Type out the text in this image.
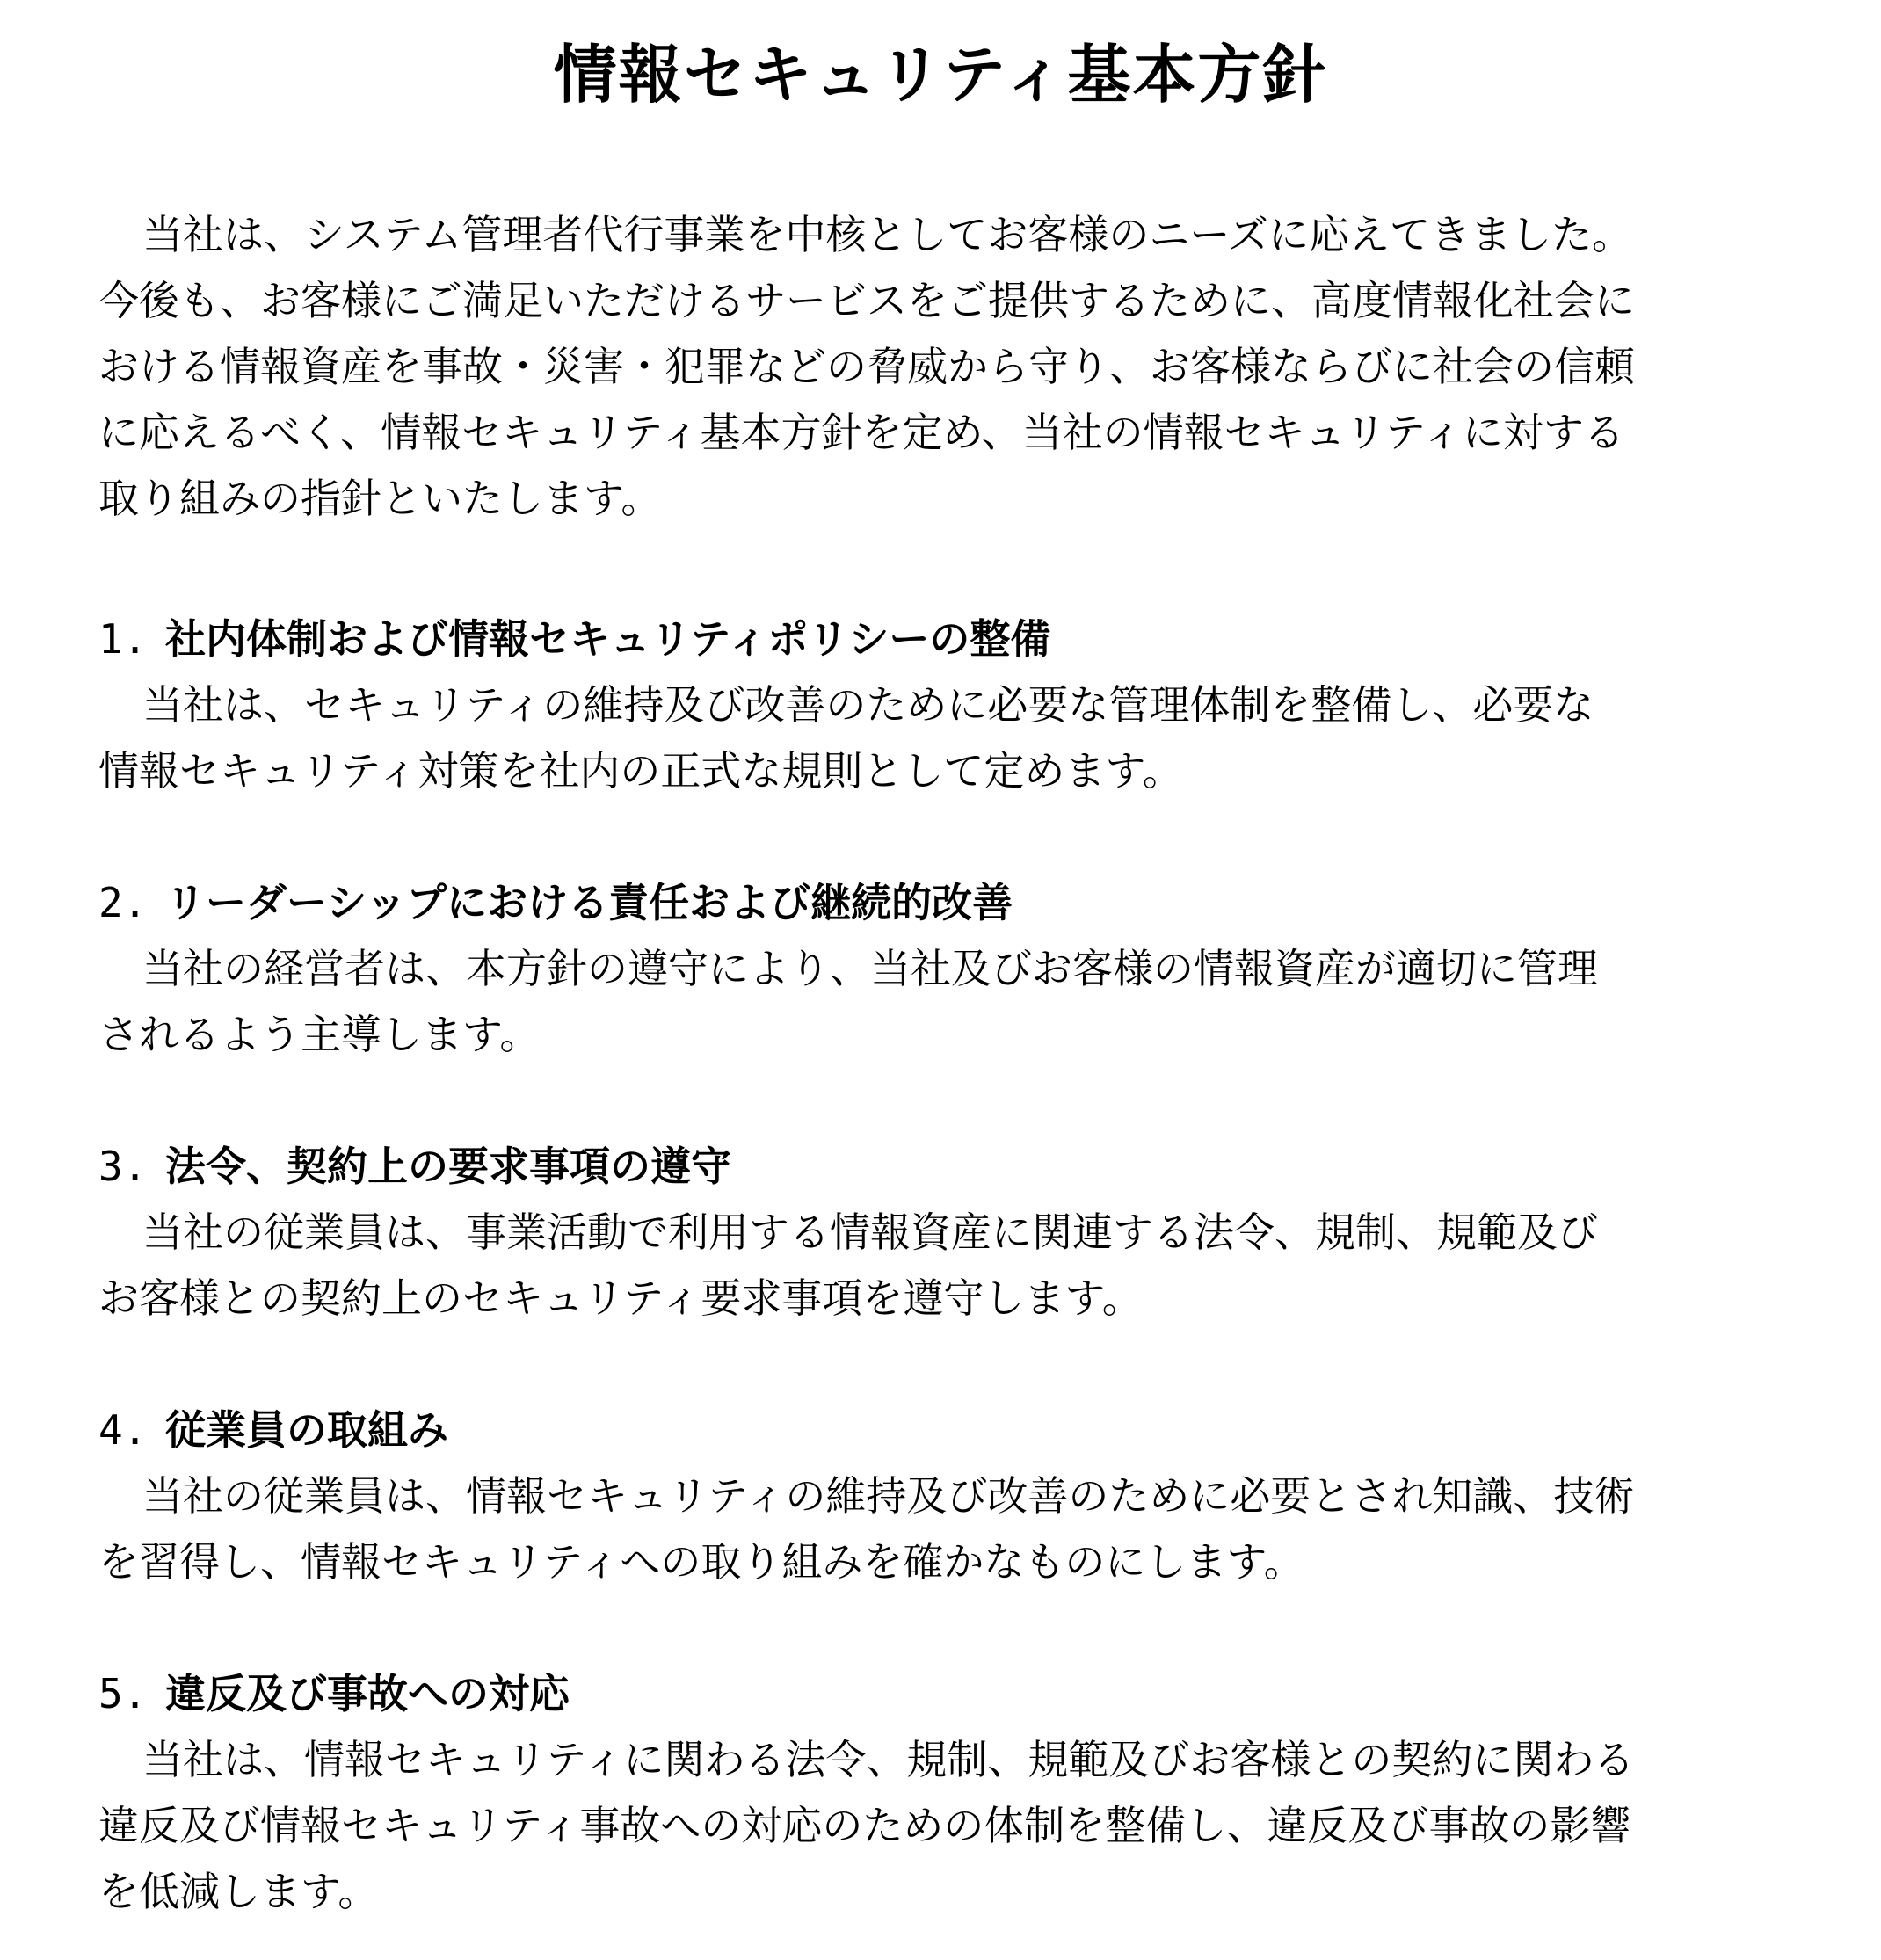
情報セキュリティ基本方針
当社は、システム管理者代行事業を中核としてお客様のニーズに応えてきました。
今後も、お客様にご満足いただけるサービスをご提供するために、高度情報化社会に
おける情報資産を事故・災害・犯罪などの脅威から守り、お客様ならびに社会の信頼
に応えるべく、情報セキュリティ基本方針を定め、当社の情報セキュリティに対する
取り組みの指針といたします。
1. 社内体制および情報セキュリティポリシーの整備
当社は、セキュリティの維持及び改善のために必要な管理体制を整備し、必要な
情報セキュリティ対策を社内の正式な規則として定めます。
2. リーダーシップにおける責任および継続的改善
当社の経営者は、本方針の遵守により、当社及びお客様の情報資産が適切に管理
されるよう主導します。
3. 法令、契約上の要求事項の遵守
当社の従業員は、事業活動で利用する情報資産に関連する法令、規制、規範及び
お客様との契約上のセキュリティ要求事項を遵守します。
4. 従業員の取組み
当社の従業員は、情報セキュリティの維持及び改善のために必要とされ知識、技術
を習得し、情報セキュリティへの取り組みを確かなものにします。
5. 違反及び事故への対応
当社は、情報セキュリティに関わる法令、規制、規範及びお客様との契約に関わる
違反及び情報セキュリティ事故への対応のための体制を整備し、違反及び事故の影響
を低減します。
